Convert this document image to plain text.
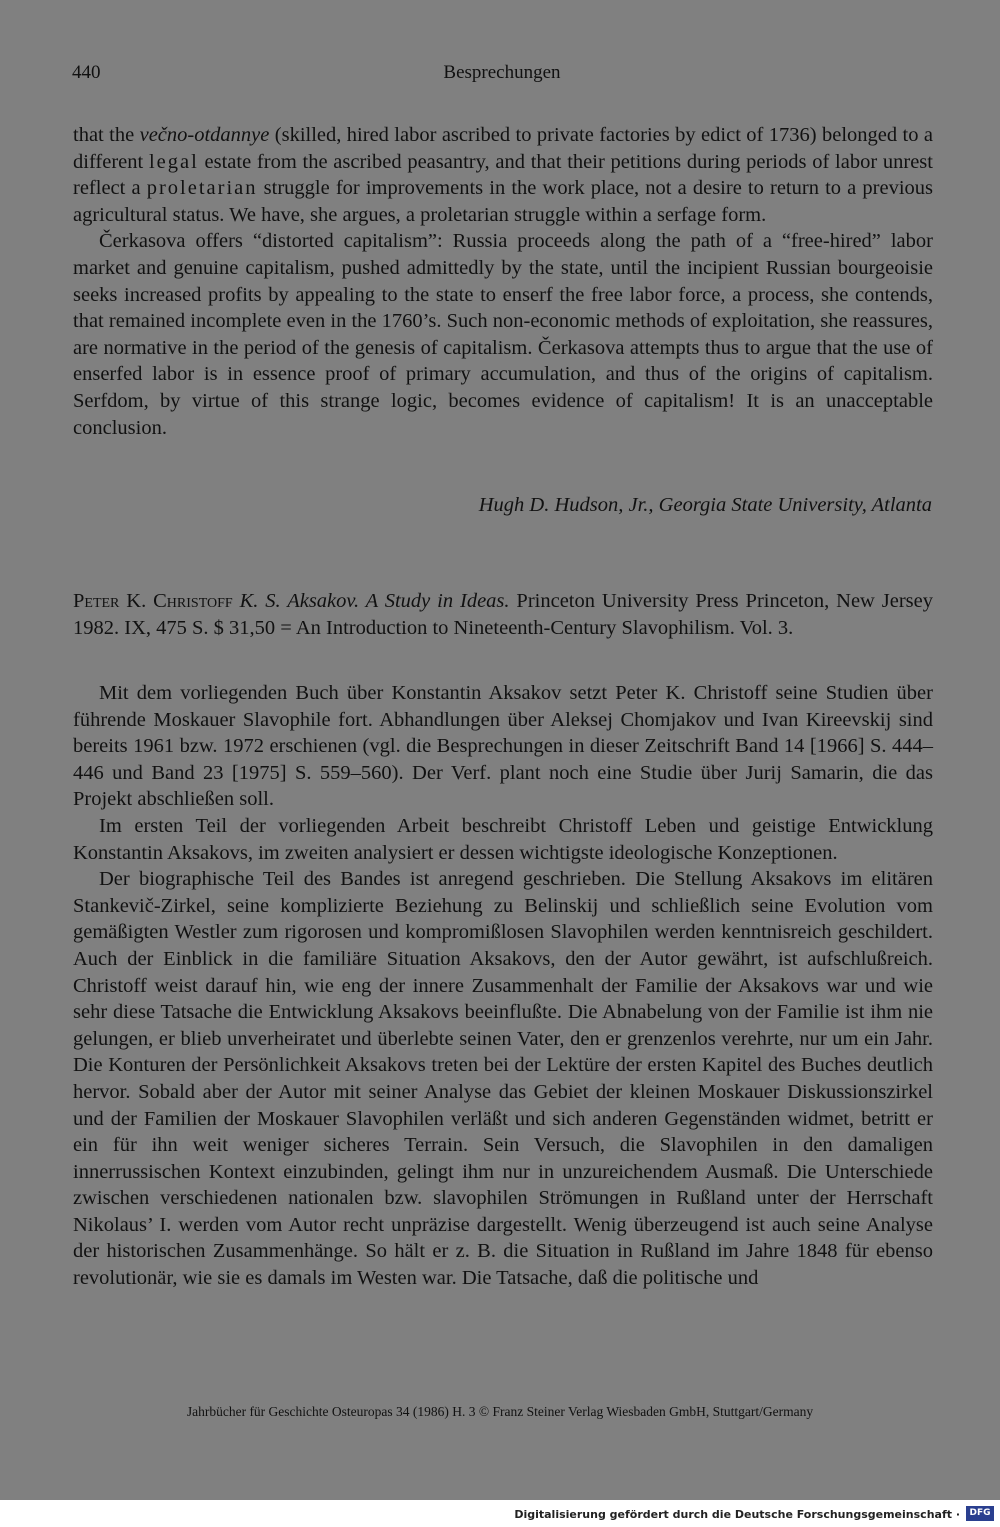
440	Besprechungen

that the večno-otdannye (skilled, hired labor ascribed to private factories by edict of 1736) belonged to a different legal estate from the ascribed peasantry, and that their petitions during periods of labor unrest reflect a proletarian struggle for improvements in the work place, not a desire to return to a previous agricultural status. We have, she argues, a proletarian struggle within a serfage form.

Čerkasova offers “distorted capitalism”: Russia proceeds along the path of a “free-hired” labor market and genuine capitalism, pushed admittedly by the state, until the incipient Russian bourgeoisie seeks increased profits by appealing to the state to enserf the free labor force, a process, she contends, that remained incomplete even in the 1760’s. Such non-economic methods of exploitation, she reassures, are normative in the period of the genesis of capitalism. Čerkasova attempts thus to argue that the use of enserfed labor is in essence proof of primary accumulation, and thus of the origins of capitalism. Serfdom, by virtue of this strange logic, becomes evidence of capitalism! It is an unacceptable conclusion.

Hugh D. Hudson, Jr., Georgia State University, Atlanta

Peter K. Christoff K. S. Aksakov. A Study in Ideas. Princeton University Press Princeton, New Jersey 1982. IX, 475 S. $ 31,50 = An Introduction to Nineteenth-Century Slavophilism. Vol. 3.

Mit dem vorliegenden Buch über Konstantin Aksakov setzt Peter K. Christoff seine Studien über führende Moskauer Slavophile fort. Abhandlungen über Aleksej Chomjakov und Ivan Kireevskij sind bereits 1961 bzw. 1972 erschienen (vgl. die Besprechungen in dieser Zeitschrift Band 14 [1966] S. 444–446 und Band 23 [1975] S. 559–560). Der Verf. plant noch eine Studie über Jurij Samarin, die das Projekt abschließen soll.

Im ersten Teil der vorliegenden Arbeit beschreibt Christoff Leben und geistige Entwicklung Konstantin Aksakovs, im zweiten analysiert er dessen wichtigste ideologische Konzeptionen.

Der biographische Teil des Bandes ist anregend geschrieben. Die Stellung Aksakovs im elitären Stankevič-Zirkel, seine komplizierte Beziehung zu Belinskij und schließlich seine Evolution vom gemäßigten Westler zum rigorosen und kompromißlosen Slavophilen werden kenntnisreich geschildert. Auch der Einblick in die familiäre Situation Aksakovs, den der Autor gewährt, ist aufschlußreich. Christoff weist darauf hin, wie eng der innere Zusammenhalt der Familie der Aksakovs war und wie sehr diese Tatsache die Entwicklung Aksakovs beeinflußte. Die Abnabelung von der Familie ist ihm nie gelungen, er blieb unverheiratet und überlebte seinen Vater, den er grenzenlos verehrte, nur um ein Jahr. Die Konturen der Persönlichkeit Aksakovs treten bei der Lektüre der ersten Kapitel des Buches deutlich hervor. Sobald aber der Autor mit seiner Analyse das Gebiet der kleinen Moskauer Diskussionszirkel und der Familien der Moskauer Slavophilen verläßt und sich anderen Gegenständen widmet, betritt er ein für ihn weit weniger sicheres Terrain. Sein Versuch, die Slavophilen in den damaligen innerrussischen Kontext einzubinden, gelingt ihm nur in unzureichendem Ausmaß. Die Unterschiede zwischen verschiedenen nationalen bzw. slavophilen Strömungen in Rußland unter der Herrschaft Nikolaus’ I. werden vom Autor recht unpräzise dargestellt. Wenig überzeugend ist auch seine Analyse der historischen Zusammenhänge. So hält er z. B. die Situation in Rußland im Jahre 1848 für ebenso revolutionär, wie sie es damals im Westen war. Die Tatsache, daß die politische und

Jahrbücher für Geschichte Osteuropas 34 (1986) H. 3 © Franz Steiner Verlag Wiesbaden GmbH, Stuttgart/Germany
Digitalisierung gefördert durch die Deutsche Forschungsgemeinschaft ·	DFG
